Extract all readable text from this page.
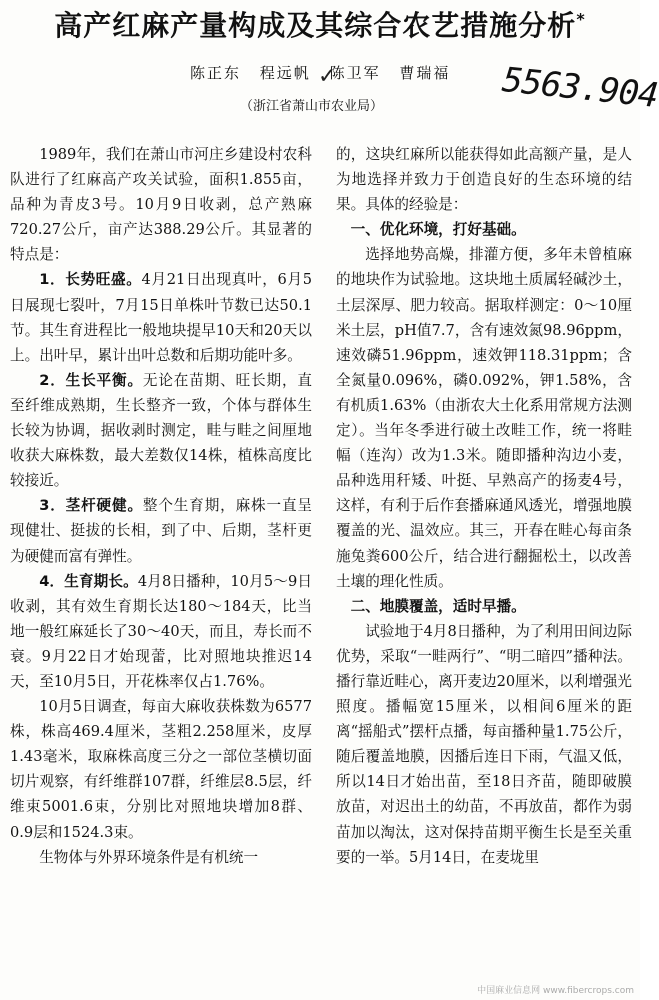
高产红麻产量构成及其综合农艺措施分析*
陈正东 程远帆 陈卫军 曹瑞福
✓
（浙江省萧山市农业局）	5563.904

1989年，我们在萧山市河庄乡建设村农科队进行了红麻高产攻关试验，面积1.855亩，品种为青皮3号。10月9日收剥，总产熟麻720.27公斤，亩产达388.29公斤。其显著的特点是：

1．长势旺盛。4月21日出现真叶，6月5日展现七裂叶，7月15日单株叶节数已达50.1节。其生育进程比一般地块提早10天和20天以上。出叶早，累计出叶总数和后期功能叶多。

2．生长平衡。无论在苗期、旺长期，直至纤维成熟期，生长整齐一致，个体与群体生长较为协调，据收剥时测定，畦与畦之间厘地收获大麻株数，最大差数仅14株，植株高度比较接近。

3．茎杆硬健。整个生育期，麻株一直呈现健壮、挺拔的长相，到了中、后期，茎杆更为硬健而富有弹性。

4．生育期长。4月8日播种，10月5～9日收剥，其有效生育期长达180～184天，比当地一般红麻延长了30～40天，而且，寿长而不衰。9月22日才始现蕾，比对照地块推迟14天，至10月5日，开花株率仅占1.76%。

10月5日调查，每亩大麻收获株数为6577株，株高469.4厘米，茎粗2.258厘米，皮厚1.43毫米，取麻株高度三分之一部位茎横切面切片观察，有纤维群107群，纤维层8.5层，纤维束5001.6束，分别比对照地块增加8群、0.9层和1524.3束。

生物体与外界环境条件是有机统一

的，这块红麻所以能获得如此高额产量，是人为地选择并致力于创造良好的生态环境的结果。具体的经验是：

一、优化环境，打好基础。

选择地势高燥，排灌方便，多年未曾植麻的地块作为试验地。这块地土质属轻碱沙土，土层深厚、肥力较高。据取样测定：0～10厘米土层，pH值7.7，含有速效氮98.96ppm，速效磷51.96ppm，速效钾118.31ppm；含全氮量0.096%，磷0.092%，钾1.58%，含有机质1.63%（由浙农大土化系用常规方法测定）。当年冬季进行破土改畦工作，统一将畦幅（连沟）改为1.3米。随即播种沟边小麦，品种选用秆矮、叶挺、早熟高产的扬麦4号，这样，有利于后作套播麻通风透光，增强地膜覆盖的光、温效应。其三，开春在畦心每亩条施兔粪600公斤，结合进行翻掘松土，以改善土壤的理化性质。

二、地膜覆盖，适时早播。

试验地于4月8日播种，为了利用田间边际优势，采取“一畦两行”、“明二暗四”播种法。播行靠近畦心，离开麦边20厘米，以利增强光照度。播幅宽15厘米，以相间6厘米的距离“摇船式”摆杆点播，每亩播种量1.75公斤，随后覆盖地膜，因播后连日下雨，气温又低，所以14日才始出苗，至18日齐苗，随即破膜放苗，对迟出土的幼苗，不再放苗，都作为弱苗加以淘汰，这对保持苗期平衡生长是至关重要的一举。5月14日，在麦垅里

中国麻业信息网 www.fibercrops.com
